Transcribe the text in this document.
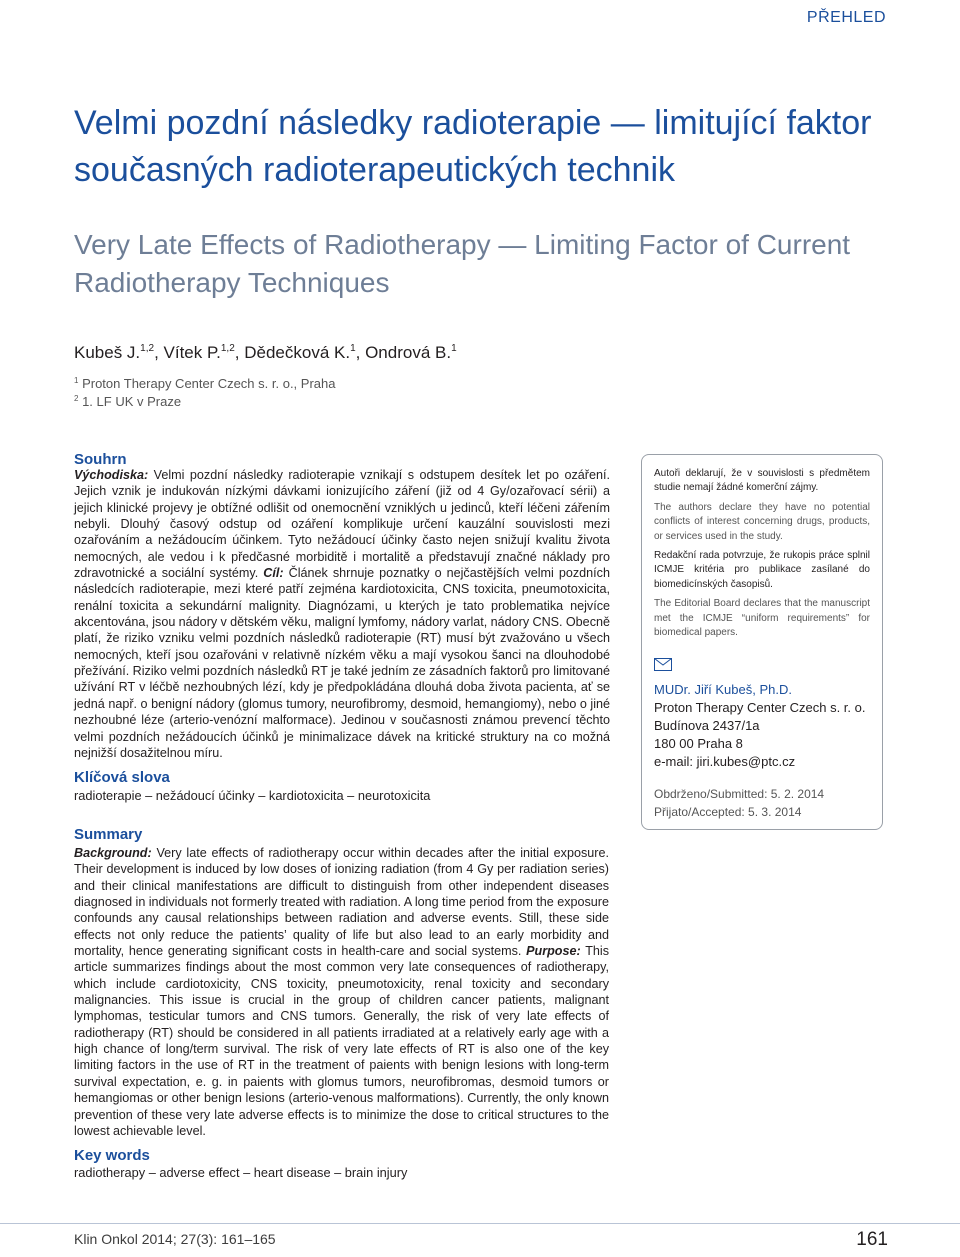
PŘEHLED
Velmi pozdní následky radioterapie — limitující faktor současných radioterapeutických technik
Very Late Effects of Radiotherapy — Limiting Factor of Current Radiotherapy Techniques
Kubeš J.$^{1,2}$, Vítek P.$^{1,2}$, Dědečková K.$^1$, Ondrová B.$^1$
$^1$ Proton Therapy Center Czech s. r. o., Praha
$^2$ 1. LF UK v Praze
Souhrn
Východiska: Velmi pozdní následky radioterapie vznikají s odstupem desítek let po ozáření. Jejich vznik je indukován nízkými dávkami ionizujícího záření (již od 4 Gy/ozařovací sérii) a jejich klinické projevy je obtížné odlišit od onemocnění vzniklých u jedinců, kteří léčeni zářením nebyli. Dlouhý časový odstup od ozáření komplikuje určení kauzální souvislosti mezi ozařováním a nežádoucím účinkem. Tyto nežádoucí účinky často nejen snižují kvalitu života nemocných, ale vedou i k předčasné morbiditě i mortalitě a představují značné náklady pro zdravotnické a sociální systémy. Cíl: Článek shrnuje poznatky o nejčastějších velmi pozdních následcích radioterapie, mezi které patří zejména kardiotoxicita, CNS toxicita, pneumotoxicita, renální toxicita a sekundární malignity. Diagnózami, u kterých je tato problematika nejvíce akcentována, jsou nádory v dětském věku, maligní lymfomy, nádory varlat, nádory CNS. Obecně platí, že riziko vzniku velmi pozdních následků radioterapie (RT) musí být zvažováno u všech nemocných, kteří jsou ozařováni v relativně nízkém věku a mají vysokou šanci na dlouhodobé přežívání. Riziko velmi pozdních následků RT je také jedním ze zásadních faktorů pro limitované užívání RT v léčbě nezhoubných lézí, kdy je předpokládána dlouhá doba života pacienta, ať se jedná např. o benigní nádory (glomus tumory, neurofibromy, desmoid, hemangiomy), nebo o jiné nezhoubné léze (arterio-venózní malformace). Jedinou v současnosti známou prevencí těchto velmi pozdních nežádoucích účinků je minimalizace dávek na kritické struktury na co možná nejnižší dosažitelnou míru.
Klíčová slova
radioterapie – nežádoucí účinky – kardiotoxicita – neurotoxicita
Summary
Background: Very late effects of radiotherapy occur within decades after the initial exposure. Their development is induced by low doses of ionizing radiation (from 4 Gy per radiation series) and their clinical manifestations are difficult to distinguish from other independent diseases diagnosed in individuals not formerly treated with radiation. A long time period from the exposure confounds any causal relationships between radiation and adverse events. Still, these side effects not only reduce the patients’ quality of life but also lead to an early morbidity and mortality, hence generating significant costs in health-care and social systems. Purpose: This article summarizes findings about the most common very late consequences of radiotherapy, which include cardiotoxicity, CNS toxicity, pneumotoxicity, renal toxicity and secondary malignancies. This issue is crucial in the group of children cancer patients, malignant lymphomas, testicular tumors and CNS tumors. Generally, the risk of very late effects of radiotherapy (RT) should be considered in all patients irradiated at a relatively early age with a high chance of long/term survival. The risk of very late effects of RT is also one of the key limiting factors in the use of RT in the treatment of paients with benign lesions with long-term survival expectation, e. g. in paients with glomus tumors, neurofibromas, desmoid tumors or hemangiomas or other benign lesions (arterio-venous malformations). Currently, the only known prevention of these very late adverse effects is to minimize the dose to critical structures to the lowest achievable level.
Key words
radiotherapy – adverse effect – heart disease – brain injury

Autoři deklarují, že v souvislosti s předmětem studie nemají žádné komerční zájmy.

The authors declare they have no potential conflicts of interest concerning drugs, products, or services used in the study.

Redakční rada potvrzuje, že rukopis práce splnil ICMJE kritéria pro publikace zasílané do biomedicínských časopisů.

The Editorial Board declares that the manuscript met the ICMJE “uniform requirements” for biomedical papers.

MUDr. Jiří Kubeš, Ph.D.
Proton Therapy Center Czech s. r. o.
Budínova 2437/1a
180 00 Praha 8
e-mail: jiri.kubes@ptc.cz
Obdrženo/Submitted: 5. 2. 2014
Přijato/Accepted: 5. 3. 2014
Klin Onkol 2014; 27(3): 161–165	161
